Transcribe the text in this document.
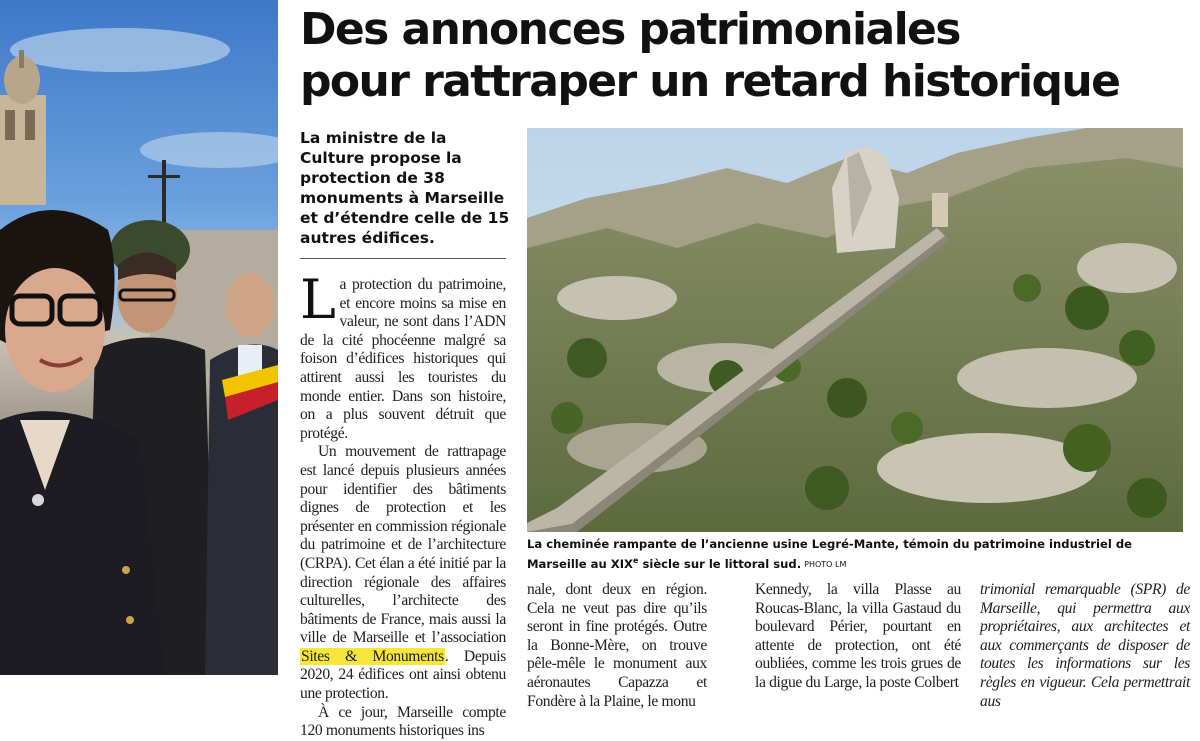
Des annonces patrimoniales
pour rattraper un retard historique

La ministre de la Culture propose la protection de 38 monuments à Marseille et d’étendre celle de 15 autres édifices.

La protection du patrimoine, et encore moins sa mise en valeur, ne sont dans l’ADN de la cité phocéenne malgré sa foison d’édifices historiques qui attirent aussi les touristes du monde entier. Dans son histoire, on a plus souvent détruit que protégé.

Un mouvement de rattrapage est lancé depuis plusieurs années pour identifier des bâtiments dignes de protection et les présenter en commission régionale du patrimoine et de l’architecture (CRPA). Cet élan a été initié par la direction régionale des affaires culturelles, l’architecte des bâtiments de France, mais aussi la ville de Marseille et l’association Sites & Monuments. Depuis 2020, 24 édifices ont ainsi obtenu une protection.

À ce jour, Marseille compte 120 monuments historiques ins

La cheminée rampante de l’ancienne usine Legré-Mante, témoin du patrimoine industriel de Marseille au XIXe siècle sur le littoral sud. PHOTO LM

nale, dont deux en région. Cela ne veut pas dire qu’ils seront in fine protégés. Outre la Bonne-Mère, on trouve pêle-mêle le monument aux aéronautes Capazza et Fondère à la Plaine, le monu

Kennedy, la villa Plasse au Roucas-Blanc, la villa Gastaud du boulevard Périer, pourtant en attente de protection, ont été oubliées, comme les trois grues de la digue du Large, la poste Colbert

trimonial remarquable (SPR) de Marseille, qui permettra aux propriétaires, aux architectes et aux commerçants de disposer de toutes les informations sur les règles en vigueur. Cela permettrait aus
